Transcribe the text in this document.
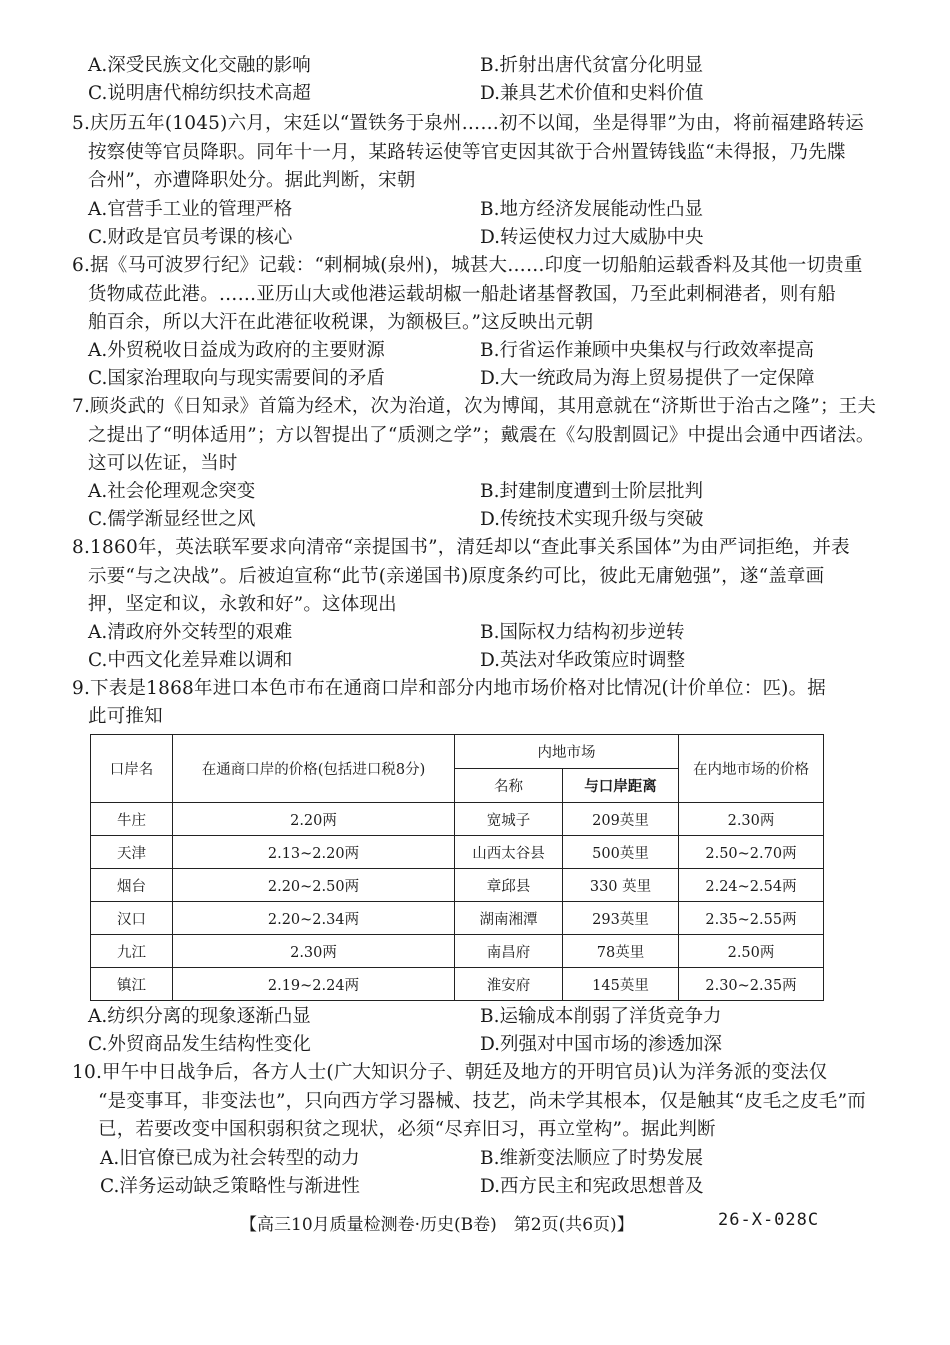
A.深受民族文化交融的影响	B.折射出唐代贫富分化明显
C.说明唐代棉纺织技术高超	D.兼具艺术价值和史料价值
5.庆历五年(1045)六月，宋廷以“置铁务于泉州……初不以闻，坐是得罪”为由，将前福建路转运
按察使等官员降职。同年十一月，某路转运使等官吏因其欲于合州置铸钱监“未得报，乃先牒
合州”，亦遭降职处分。据此判断，宋朝
A.官营手工业的管理严格	B.地方经济发展能动性凸显
C.财政是官员考课的核心	D.转运使权力过大威胁中央
6.据《马可波罗行纪》记载：“剌桐城(泉州)，城甚大……印度一切船舶运载香料及其他一切贵重
货物咸莅此港。……亚历山大或他港运载胡椒一船赴诸基督教国，乃至此剌桐港者，则有船
舶百余，所以大汗在此港征收税课，为额极巨。”这反映出元朝
A.外贸税收日益成为政府的主要财源	B.行省运作兼顾中央集权与行政效率提高
C.国家治理取向与现实需要间的矛盾	D.大一统政局为海上贸易提供了一定保障
7.顾炎武的《日知录》首篇为经术，次为治道，次为博闻，其用意就在“济斯世于治古之隆”；王夫
之提出了“明体适用”；方以智提出了“质测之学”；戴震在《勾股割圆记》中提出会通中西诸法。
这可以佐证，当时
A.社会伦理观念突变	B.封建制度遭到士阶层批判
C.儒学渐显经世之风	D.传统技术实现升级与突破
8.1860年，英法联军要求向清帝“亲提国书”，清廷却以“查此事关系国体”为由严词拒绝，并表
示要“与之决战”。后被迫宣称“此节(亲递国书)原度条约可比，彼此无庸勉强”，遂“盖章画
押，坚定和议，永敦和好”。这体现出
A.清政府外交转型的艰难	B.国际权力结构初步逆转
C.中西文化差异难以调和	D.英法对华政策应时调整
9.下表是1868年进口本色市布在通商口岸和部分内地市场价格对比情况(计价单位：匹)。据
此可推知
口岸名	在通商口岸的价格(包括进口税8分)	内地市场		在内地市场的价格
		名称	与口岸距离	
牛庄	2.20两	宽城子	209英里	2.30两
天津	2.13~2.20两	山西太谷县	500英里	2.50~2.70两
烟台	2.20~2.50两	章邱县	330 英里	2.24~2.54两
汉口	2.20~2.34两	湖南湘潭	293英里	2.35~2.55两
九江	2.30两	南昌府	78英里	2.50两
镇江	2.19~2.24两	淮安府	145英里	2.30~2.35两
A.纺织分离的现象逐渐凸显	B.运输成本削弱了洋货竞争力
C.外贸商品发生结构性变化	D.列强对中国市场的渗透加深
10.甲午中日战争后，各方人士(广大知识分子、朝廷及地方的开明官员)认为洋务派的变法仅
“是变事耳，非变法也”，只向西方学习器械、技艺，尚未学其根本，仅是触其“皮毛之皮毛”而
已，若要改变中国积弱积贫之现状，必须“尽弃旧习，再立堂构”。据此判断
A.旧官僚已成为社会转型的动力	B.维新变法顺应了时势发展
C.洋务运动缺乏策略性与渐进性	D.西方民主和宪政思想普及
【高三10月质量检测卷·历史(B卷)　第2页(共6页)】	26-X-028C
